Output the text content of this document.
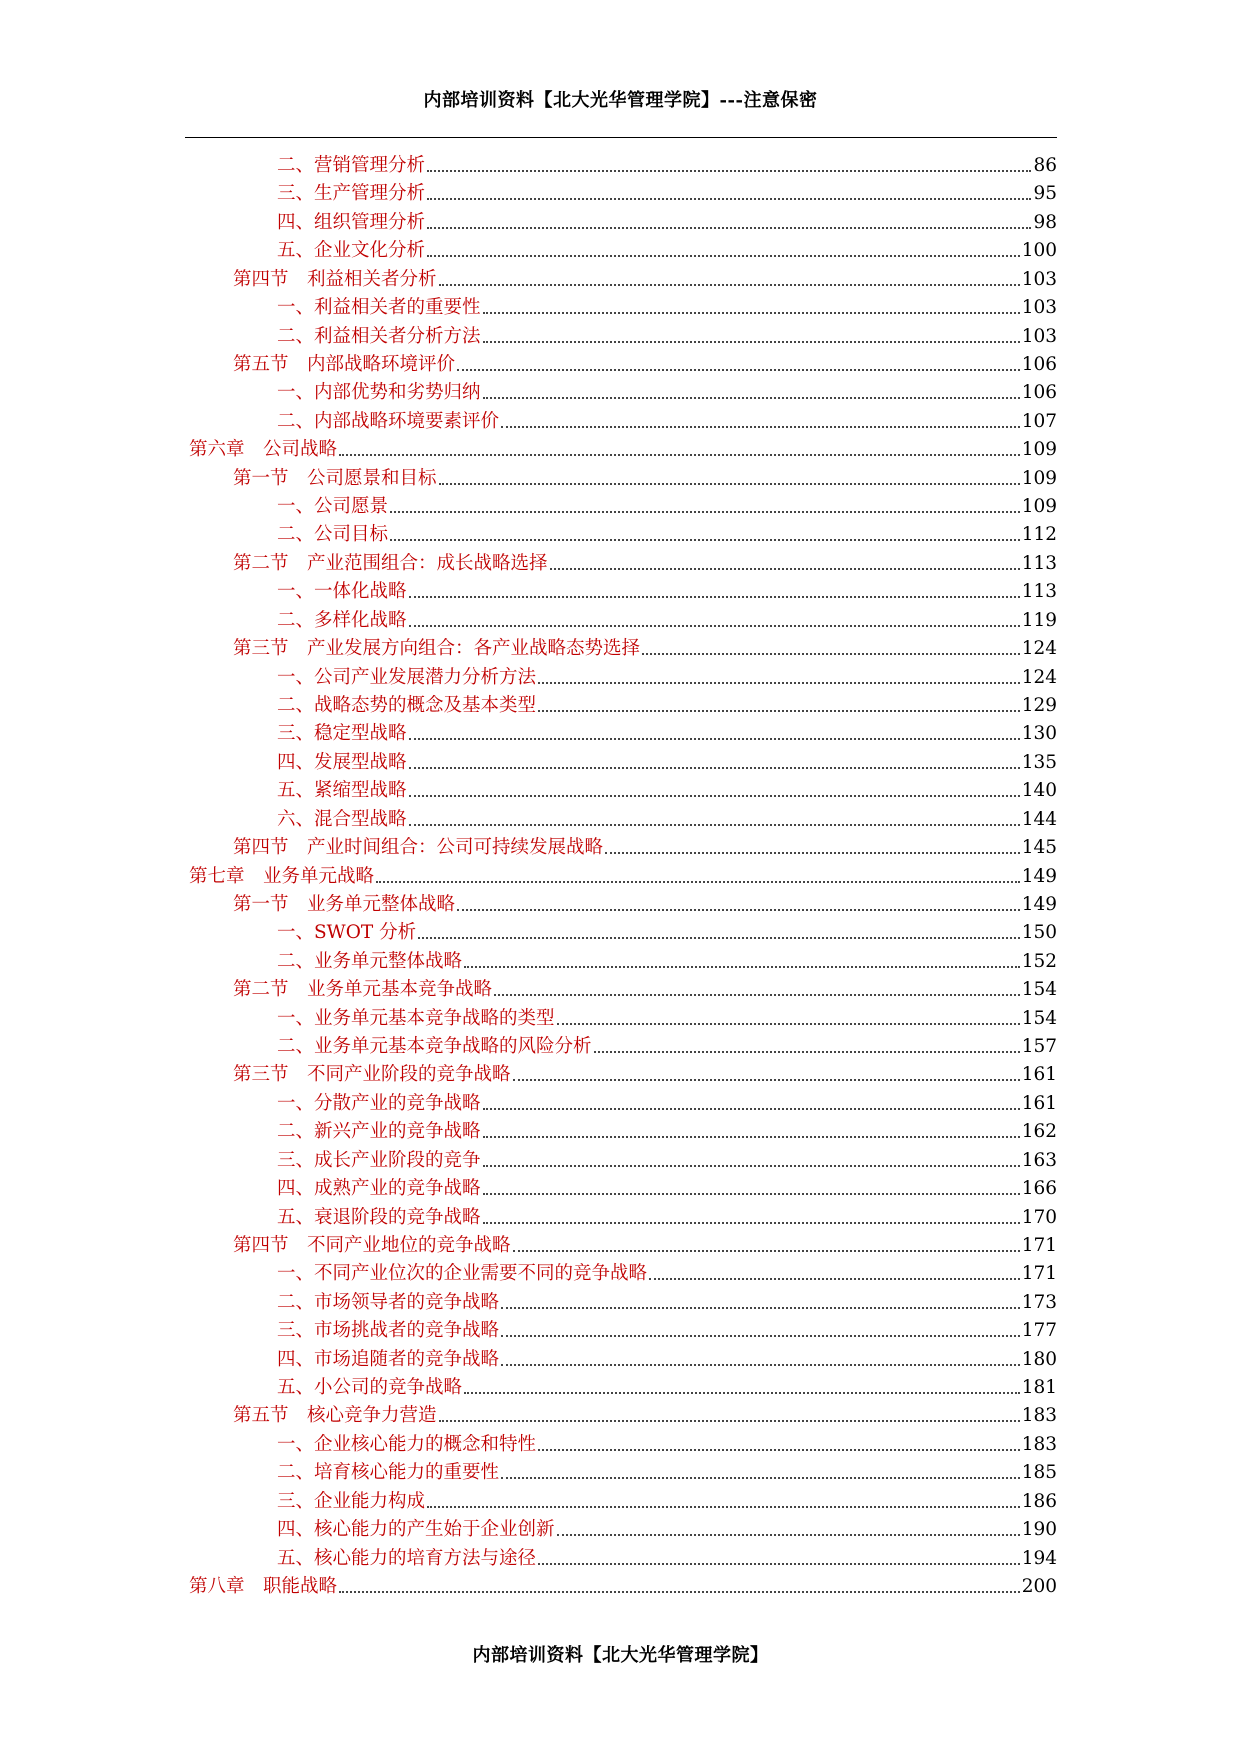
内部培训资料【北大光华管理学院】---注意保密
二、营销管理分析	86
三、生产管理分析	95
四、组织管理分析	98
五、企业文化分析	100
第四节　利益相关者分析	103
一、利益相关者的重要性	103
二、利益相关者分析方法	103
第五节　内部战略环境评价	106
一、内部优势和劣势归纳	106
二、内部战略环境要素评价	107
第六章　公司战略	109
第一节　公司愿景和目标	109
一、公司愿景	109
二、公司目标	112
第二节　产业范围组合：成长战略选择	113
一、一体化战略	113
二、多样化战略	119
第三节　产业发展方向组合：各产业战略态势选择	124
一、公司产业发展潜力分析方法	124
二、战略态势的概念及基本类型	129
三、稳定型战略	130
四、发展型战略	135
五、紧缩型战略	140
六、混合型战略	144
第四节　产业时间组合：公司可持续发展战略	145
第七章　业务单元战略	149
第一节　业务单元整体战略	149
一、SWOT 分析	150
二、业务单元整体战略	152
第二节　业务单元基本竞争战略	154
一、业务单元基本竞争战略的类型	154
二、业务单元基本竞争战略的风险分析	157
第三节　不同产业阶段的竞争战略	161
一、分散产业的竞争战略	161
二、新兴产业的竞争战略	162
三、成长产业阶段的竞争	163
四、成熟产业的竞争战略	166
五、衰退阶段的竞争战略	170
第四节　不同产业地位的竞争战略	171
一、不同产业位次的企业需要不同的竞争战略	171
二、市场领导者的竞争战略	173
三、市场挑战者的竞争战略	177
四、市场追随者的竞争战略	180
五、小公司的竞争战略	181
第五节　核心竞争力营造	183
一、企业核心能力的概念和特性	183
二、培育核心能力的重要性	185
三、企业能力构成	186
四、核心能力的产生始于企业创新	190
五、核心能力的培育方法与途径	194
第八章　职能战略	200
内部培训资料【北大光华管理学院】
